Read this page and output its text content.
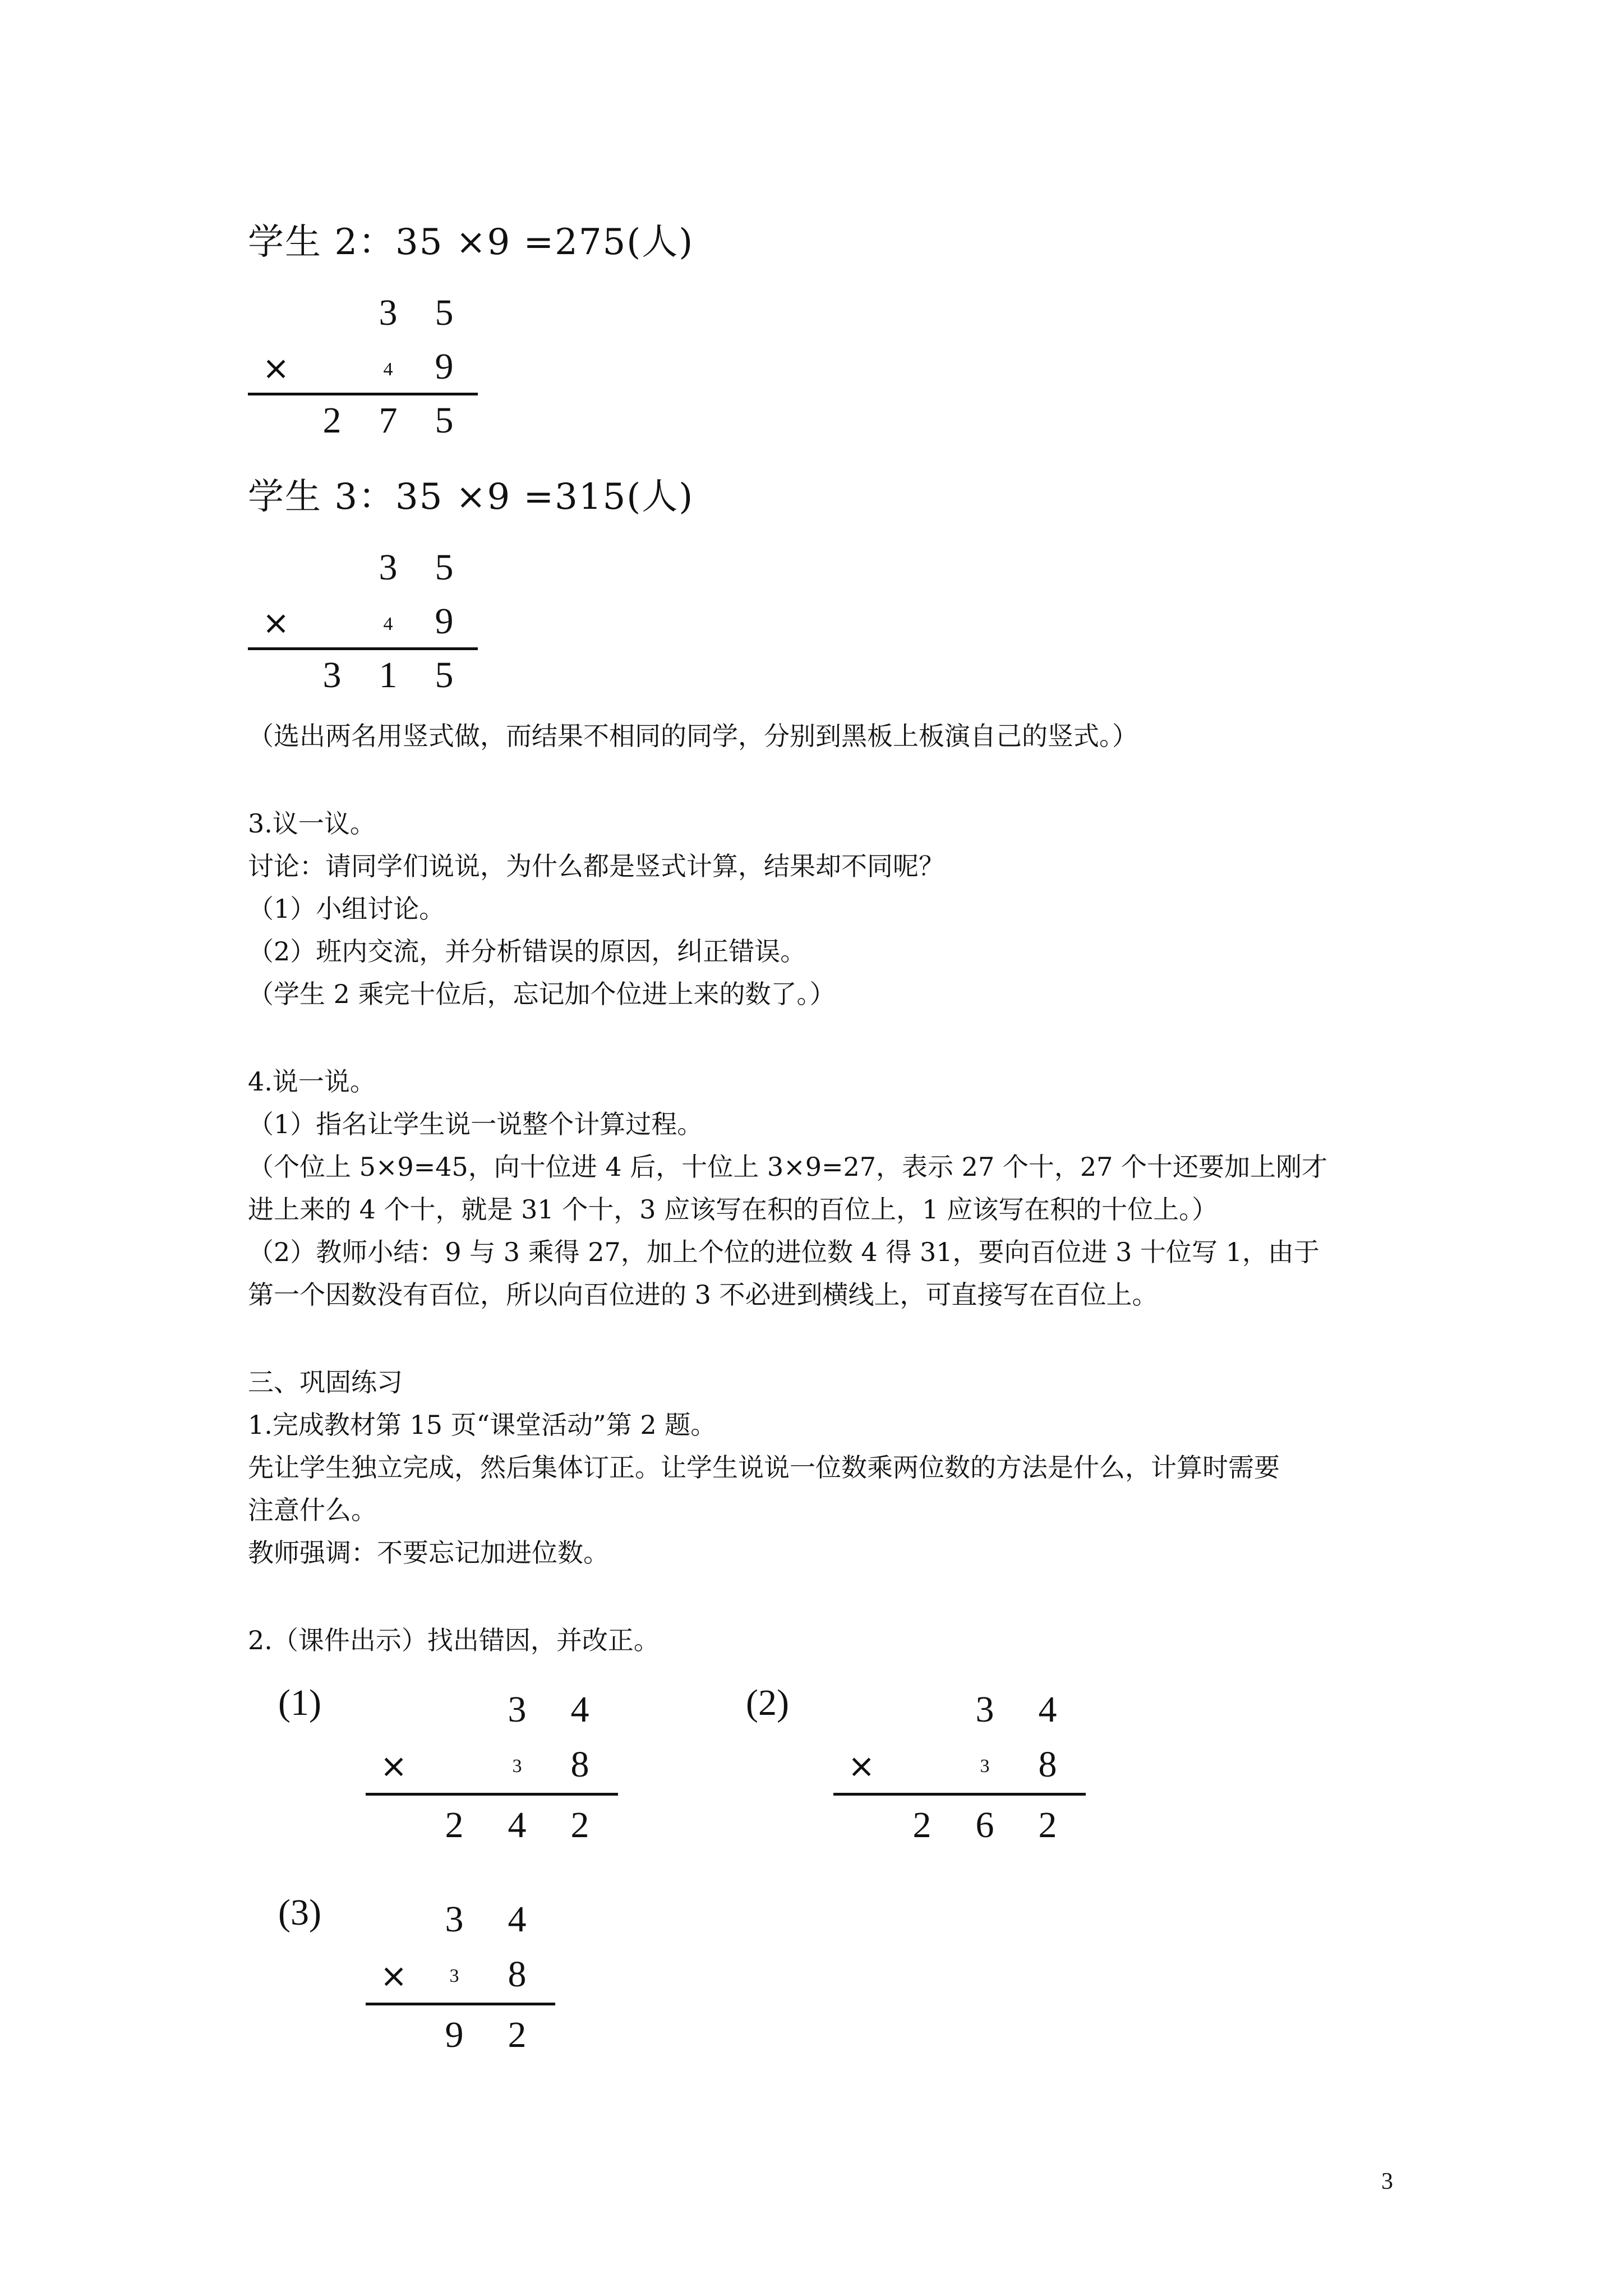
学生 2：35 ×9 =275(人)
3 5
×	4 9
2 7 5
学生 3：35 ×9 =315(人)
3 5
×	4 9
3 1 5
（选出两名用竖式做，而结果不相同的同学，分别到黑板上板演自己的竖式。）
3.议一议。
讨论：请同学们说说，为什么都是竖式计算，结果却不同呢？
（1）小组讨论。
（2）班内交流，并分析错误的原因，纠正错误。
（学生 2 乘完十位后，忘记加个位进上来的数了。）
4.说一说。
（1）指名让学生说一说整个计算过程。
（个位上 5×9=45，向十位进 4 后，十位上 3×9=27，表示 27 个十，27 个十还要加上刚才
进上来的 4 个十，就是 31 个十，3 应该写在积的百位上，1 应该写在积的十位上。）
（2）教师小结：9 与 3 乘得 27，加上个位的进位数 4 得 31，要向百位进 3 十位写 1，由于
第一个因数没有百位，所以向百位进的 3 不必进到横线上，可直接写在百位上。
三、巩固练习
1.完成教材第 15 页“课堂活动”第 2 题。
先让学生独立完成，然后集体订正。让学生说说一位数乘两位数的方法是什么，计算时需要
注意什么。
教师强调：不要忘记加进位数。
2.（课件出示）找出错因，并改正。
(1)	3 4
×	3 8
2 4 2
(2)	3 4
×	3 8
2 6 2
(3)	3 4
×	3 8
9 2
3
